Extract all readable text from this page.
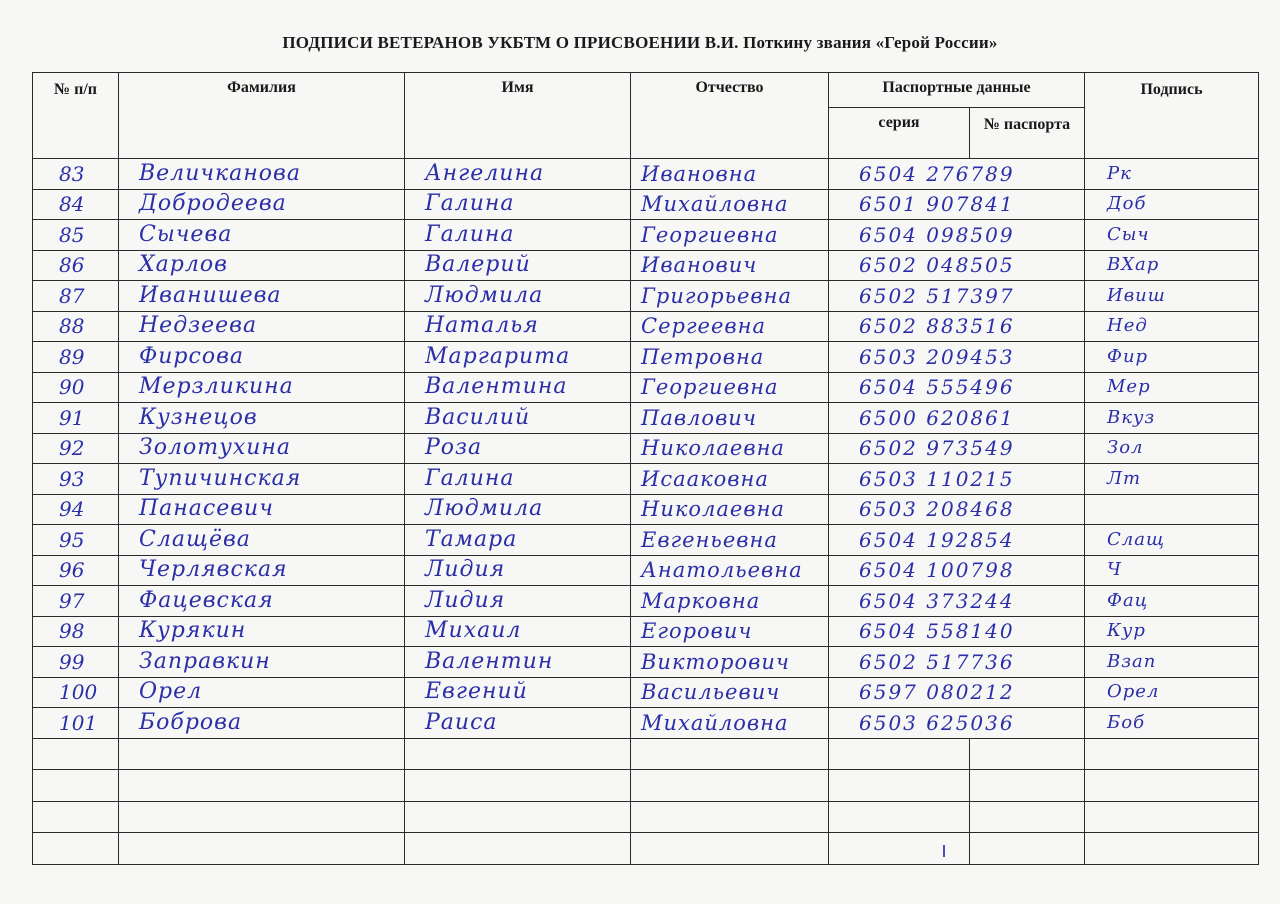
ПОДПИСИ ВЕТЕРАНОВ УКБТМ О ПРИСВОЕНИИ В.И. Поткину звания «Герой России»
№ п/п	Фамилия	Имя	Отчество	Паспортные данные		Подпись
				серия	№ паспорта	
83	Величканова	Ангелина	Ивановна	6504 276789		Рк
84	Добродеева	Галина	Михайловна	6501 907841		Доб
85	Сычева	Галина	Георгиевна	6504 098509		Сыч
86	Харлов	Валерий	Иванович	6502 048505		ВХар
87	Иванишева	Людмила	Григорьевна	6502 517397		Ивиш
88	Недзеева	Наталья	Сергеевна	6502 883516		Нед
89	Фирсова	Маргарита	Петровна	6503 209453		Фир
90	Мерзликина	Валентина	Георгиевна	6504 555496		Мер
91	Кузнецов	Василий	Павлович	6500 620861		Вкуз
92	Золотухина	Роза	Николаевна	6502 973549		Зол
93	Тупичинская	Галина	Исааковна	6503 110215		Лт
94	Панасевич	Людмила	Николаевна	6503 208468		
95	Слащёва	Тамара	Евгеньевна	6504 192854		Слащ
96	Черлявская	Лидия	Анатольевна	6504 100798		Ч
97	Фацевская	Лидия	Марковна	6504 373244		Фац
98	Курякин	Михаил	Егорович	6504 558140		Кур
99	Заправкин	Валентин	Викторович	6502 517736		Взап
100	Орел	Евгений	Васильевич	6597 080212		Орел
101	Боброва	Раиса	Михайловна	6503 625036		Боб
